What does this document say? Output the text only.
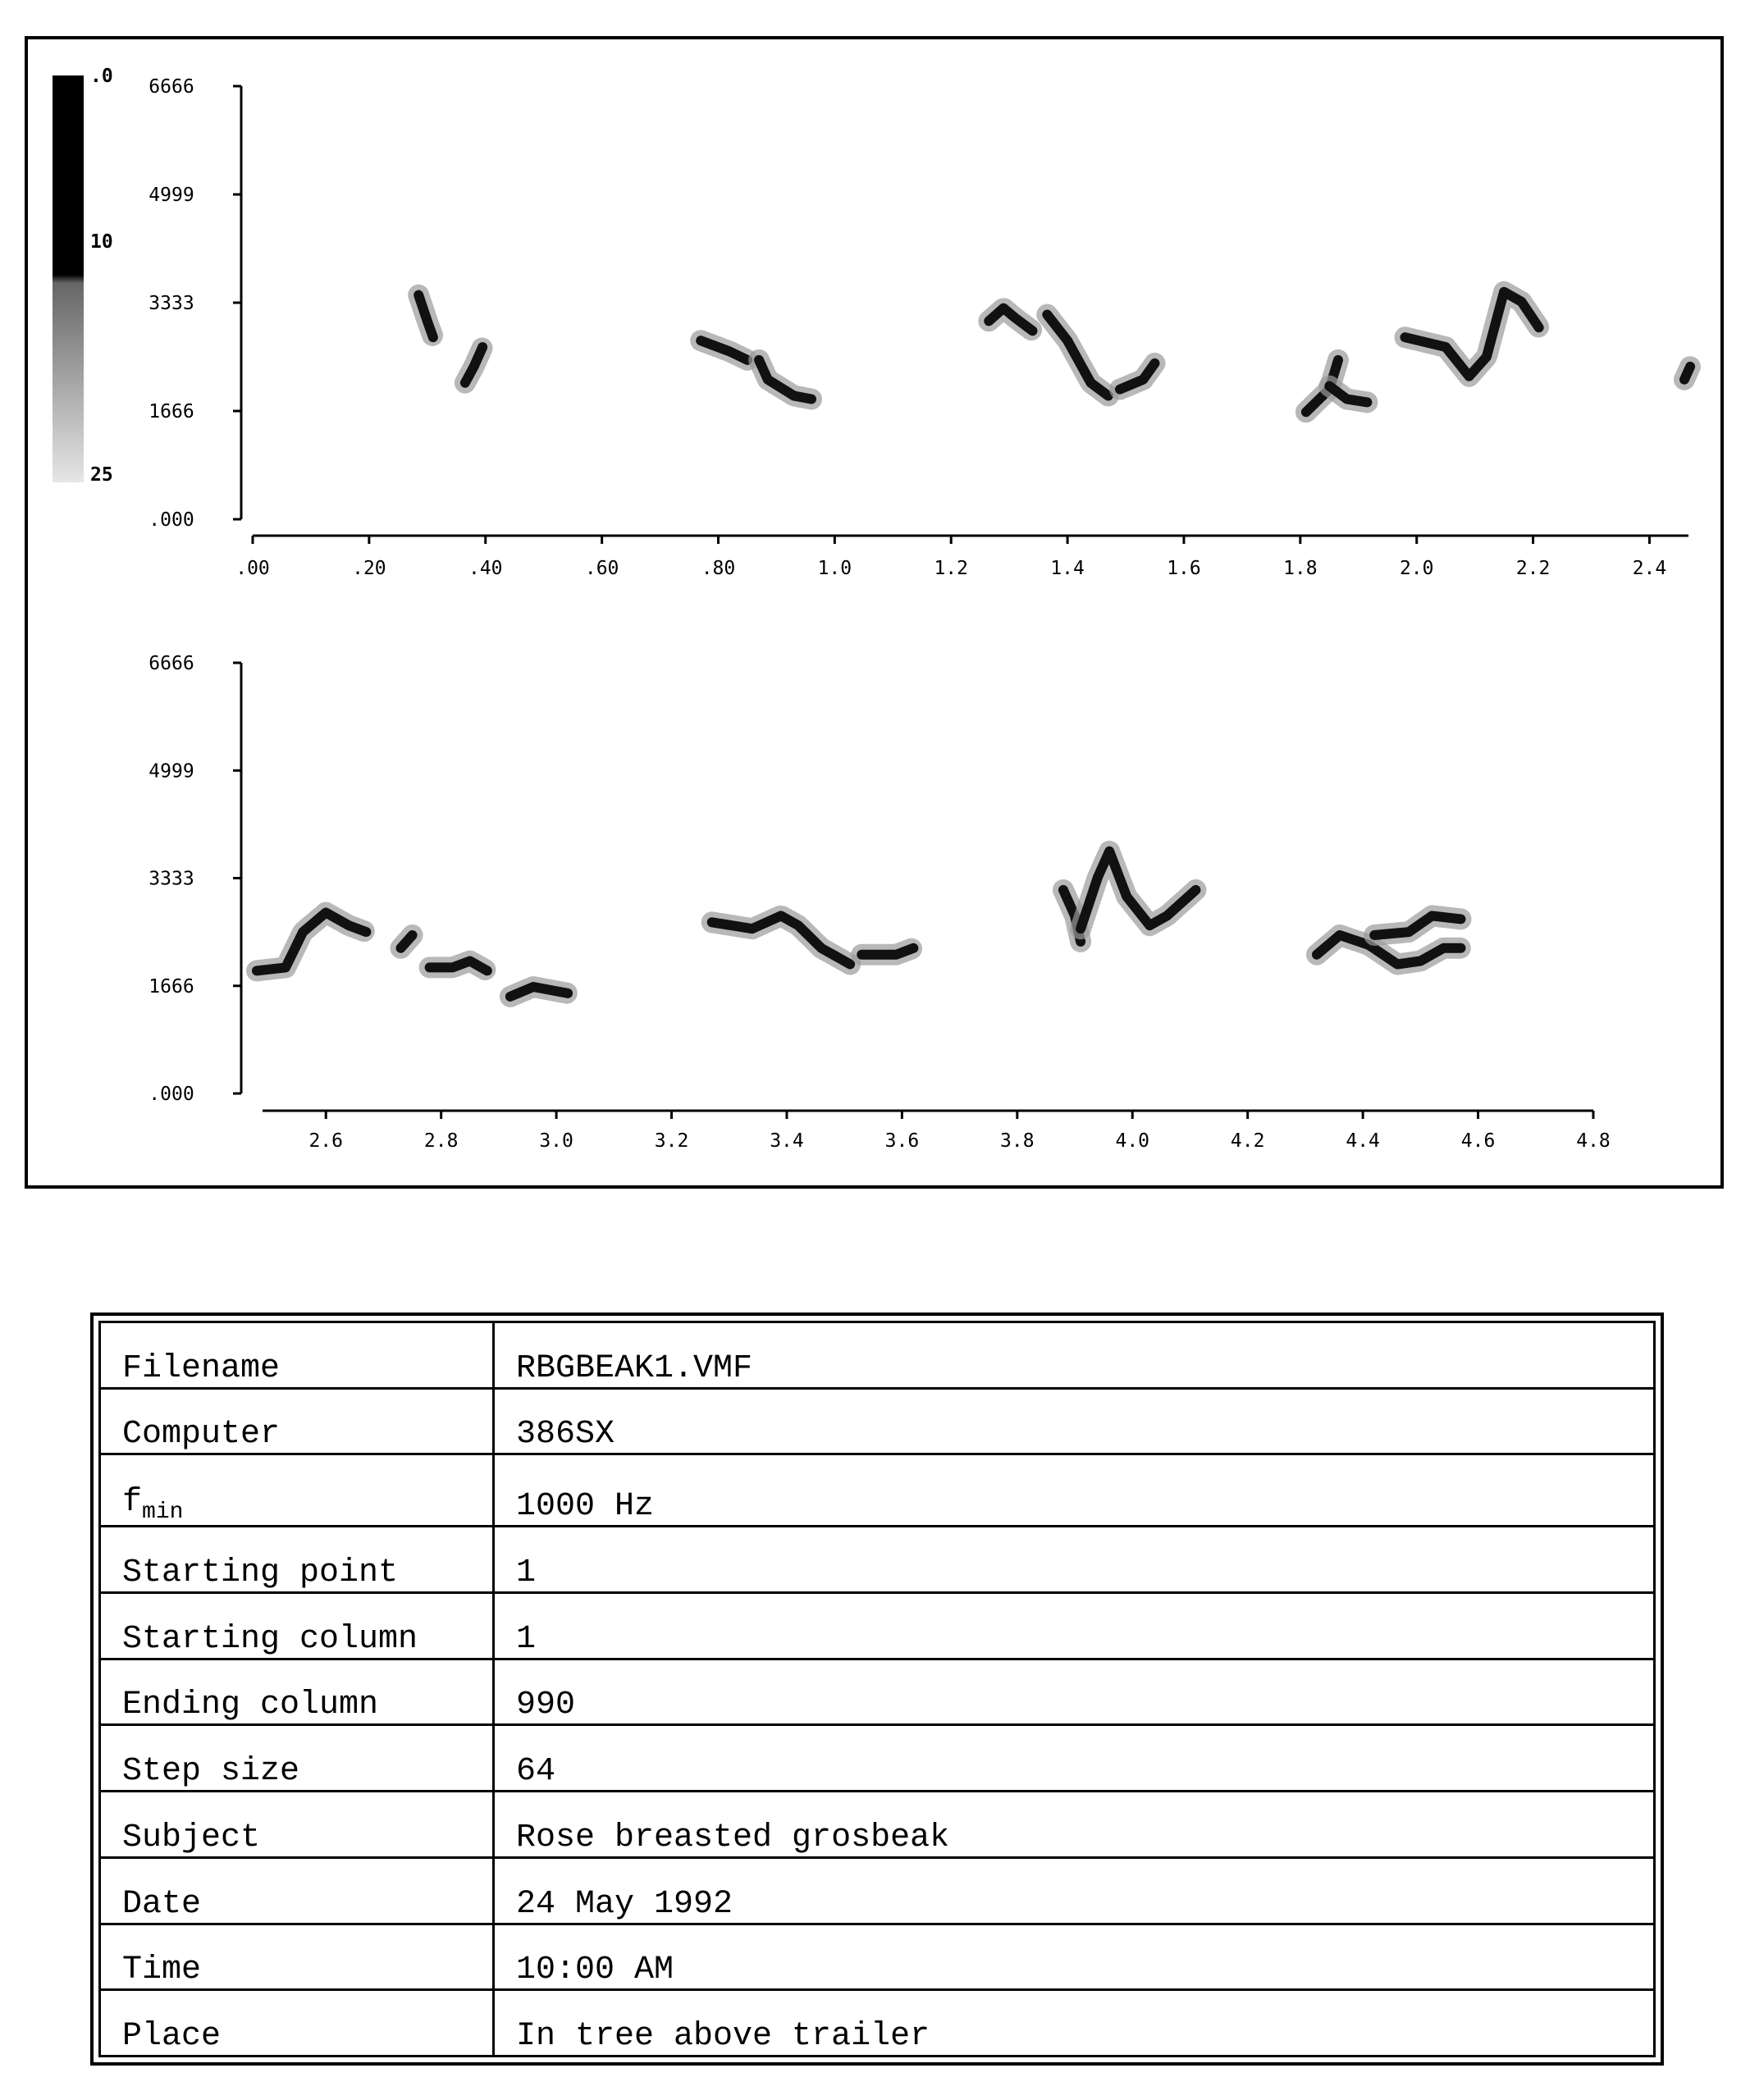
.0
10
25
.000
1666
3333
4999
6666
.00	.20	.40	.60	.80	1.0	1.2	1.4	1.6	1.8	2.0	2.2	2.4
.000
1666
3333
4999
6666
2.6	2.8	3.0	3.2	3.4	3.6	3.8	4.0	4.2	4.4	4.6	4.8
Filename	RBGBEAK1.VMF
Computer	386SX
$f_{min}$	1000 Hz
Starting point	1
Starting column	1
Ending column	990
Step size	64
Subject	Rose breasted grosbeak
Date	24 May 1992
Time	10:00 AM
Place	In tree above trailer
